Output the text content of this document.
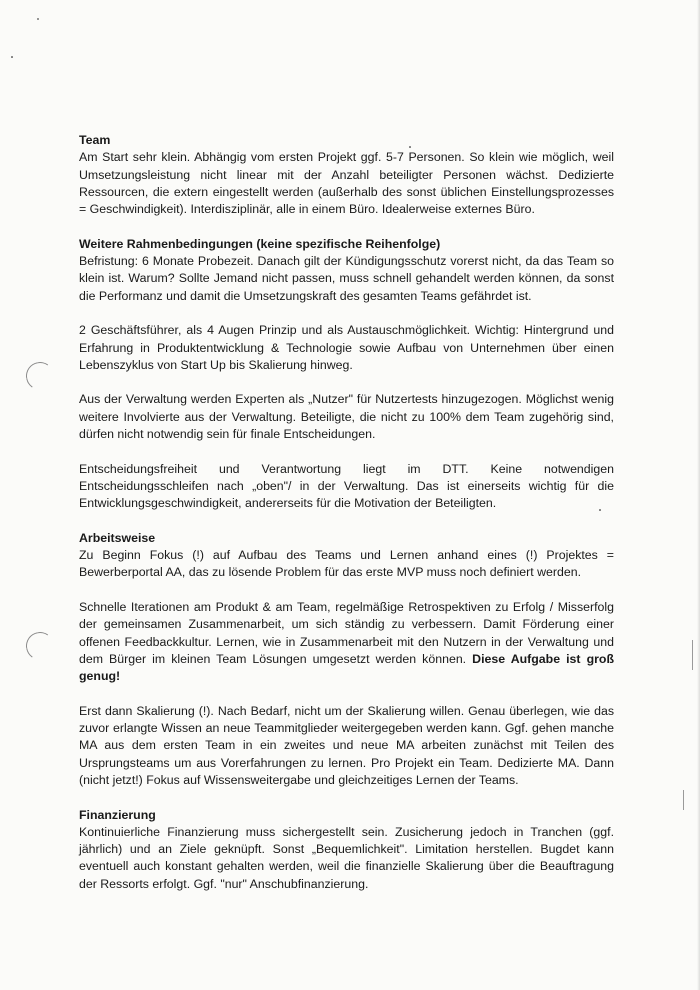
Team

Am Start sehr klein. Abhängig vom ersten Projekt ggf. 5-7 Personen. So klein wie möglich, weil Umsetzungsleistung nicht linear mit der Anzahl beteiligter Personen wächst. Dedizierte Ressourcen, die extern eingestellt werden (außerhalb des sonst üblichen Einstellungsprozesses = Geschwindigkeit). Interdisziplinär, alle in einem Büro. Idealerweise externes Büro.

Weitere Rahmenbedingungen (keine spezifische Reihenfolge)

Befristung: 6 Monate Probezeit. Danach gilt der Kündigungsschutz vorerst nicht, da das Team so klein ist. Warum? Sollte Jemand nicht passen, muss schnell gehandelt werden können, da sonst die Performanz und damit die Umsetzungskraft des gesamten Teams gefährdet ist.

2 Geschäftsführer, als 4 Augen Prinzip und als Austauschmöglichkeit. Wichtig: Hintergrund und Erfahrung in Produktentwicklung & Technologie sowie Aufbau von Unternehmen über einen Lebenszyklus von Start Up bis Skalierung hinweg.

Aus der Verwaltung werden Experten als „Nutzer" für Nutzertests hinzugezogen. Möglichst wenig weitere Involvierte aus der Verwaltung. Beteiligte, die nicht zu 100% dem Team zugehörig sind, dürfen nicht notwendig sein für finale Entscheidungen.

Entscheidungsfreiheit und Verantwortung liegt im DTT. Keine notwendigen Entscheidungsschleifen nach „oben"/ in der Verwaltung. Das ist einerseits wichtig für die Entwicklungsgeschwindigkeit, andererseits für die Motivation der Beteiligten.

Arbeitsweise

Zu Beginn Fokus (!) auf Aufbau des Teams und Lernen anhand eines (!) Projektes = Bewerberportal AA, das zu lösende Problem für das erste MVP muss noch definiert werden.

Schnelle Iterationen am Produkt & am Team, regelmäßige Retrospektiven zu Erfolg / Misserfolg der gemeinsamen Zusammenarbeit, um sich ständig zu verbessern. Damit Förderung einer offenen Feedbackkultur. Lernen, wie in Zusammenarbeit mit den Nutzern in der Verwaltung und dem Bürger im kleinen Team Lösungen umgesetzt werden können. Diese Aufgabe ist groß genug!

Erst dann Skalierung (!). Nach Bedarf, nicht um der Skalierung willen. Genau überlegen, wie das zuvor erlangte Wissen an neue Teammitglieder weitergegeben werden kann. Ggf. gehen manche MA aus dem ersten Team in ein zweites und neue MA arbeiten zunächst mit Teilen des Ursprungsteams um aus Vorerfahrungen zu lernen. Pro Projekt ein Team. Dedizierte MA. Dann (nicht jetzt!) Fokus auf Wissensweitergabe und gleichzeitiges Lernen der Teams.

Finanzierung

Kontinuierliche Finanzierung muss sichergestellt sein. Zusicherung jedoch in Tranchen (ggf. jährlich) und an Ziele geknüpft. Sonst „Bequemlichkeit". Limitation herstellen. Bugdet kann eventuell auch konstant gehalten werden, weil die finanzielle Skalierung über die Beauftragung der Ressorts erfolgt. Ggf. "nur" Anschubfinanzierung.
